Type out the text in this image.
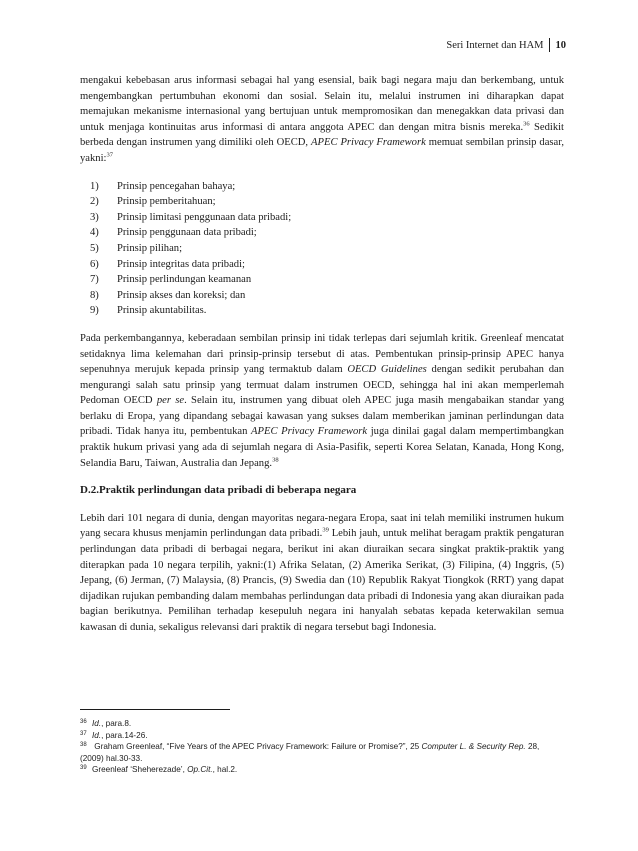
Seri Internet dan HAM 10

mengakui kebebasan arus informasi sebagai hal yang esensial, baik bagi negara maju dan berkembang, untuk mengembangkan pertumbuhan ekonomi dan sosial. Selain itu, melalui instrumen ini diharapkan dapat memajukan mekanisme internasional yang bertujuan untuk mempromosikan dan menegakkan data privasi dan untuk menjaga kontinuitas arus informasi di antara anggota APEC dan dengan mitra bisnis mereka.$^{36}$ Sedikit berbeda dengan instrumen yang dimiliki oleh OECD, APEC Privacy Framework memuat sembilan prinsip dasar, yakni:$^{37}$

1)	Prinsip pencegahan bahaya;
2)	Prinsip pemberitahuan;
3)	Prinsip limitasi penggunaan data pribadi;
4)	Prinsip penggunaan data pribadi;
5)	Prinsip pilihan;
6)	Prinsip integritas data pribadi;
7)	Prinsip perlindungan keamanan
8)	Prinsip akses dan koreksi; dan
9)	Prinsip akuntabilitas.

Pada perkembangannya, keberadaan sembilan prinsip ini tidak terlepas dari sejumlah kritik. Greenleaf mencatat setidaknya lima kelemahan dari prinsip-prinsip tersebut di atas. Pembentukan prinsip-prinsip APEC hanya sepenuhnya merujuk kepada prinsip yang termaktub dalam OECD Guidelines dengan sedikit perubahan dan mengurangi salah satu prinsip yang termuat dalam instrumen OECD, sehingga hal ini akan memperlemah Pedoman OECD per se. Selain itu, instrumen yang dibuat oleh APEC juga masih mengabaikan standar yang berlaku di Eropa, yang dipandang sebagai kawasan yang sukses dalam memberikan jaminan perlindungan data pribadi. Tidak hanya itu, pembentukan APEC Privacy Framework juga dinilai gagal dalam mempertimbangkan praktik hukum privasi yang ada di sejumlah negara di Asia-Pasifik, seperti Korea Selatan, Kanada, Hong Kong, Selandia Baru, Taiwan, Australia dan Jepang.$^{38}$

D.2.Praktik perlindungan data pribadi di beberapa negara

Lebih dari 101 negara di dunia, dengan mayoritas negara-negara Eropa, saat ini telah memiliki instrumen hukum yang secara khusus menjamin perlindungan data pribadi.$^{39}$ Lebih jauh, untuk melihat beragam praktik pengaturan perlindungan data pribadi di berbagai negara, berikut ini akan diuraikan secara singkat praktik-praktik yang diterapkan pada 10 negara terpilih, yakni:(1) Afrika Selatan, (2) Amerika Serikat, (3) Filipina, (4) Inggris, (5) Jepang, (6) Jerman, (7) Malaysia, (8) Prancis, (9) Swedia dan (10) Republik Rakyat Tiongkok (RRT) yang dapat dijadikan rujukan pembanding dalam membahas perlindungan data pribadi di Indonesia yang akan diuraikan pada bagian berikutnya. Pemilihan terhadap kesepuluh negara ini hanyalah sebatas kepada keterwakilan semua kawasan di dunia, sekaligus relevansi dari praktik di negara tersebut bagi Indonesia.

36 Id., para.8.
37 Id., para.14-26.
38 Graham Greenleaf, “Five Years of the APEC Privacy Framework: Failure or Promise?”, 25 Computer L. & Security Rep. 28,
(2009) hal.30-33.
39 Greenleaf ‘Sheherezade’, Op.Cit., hal.2.
